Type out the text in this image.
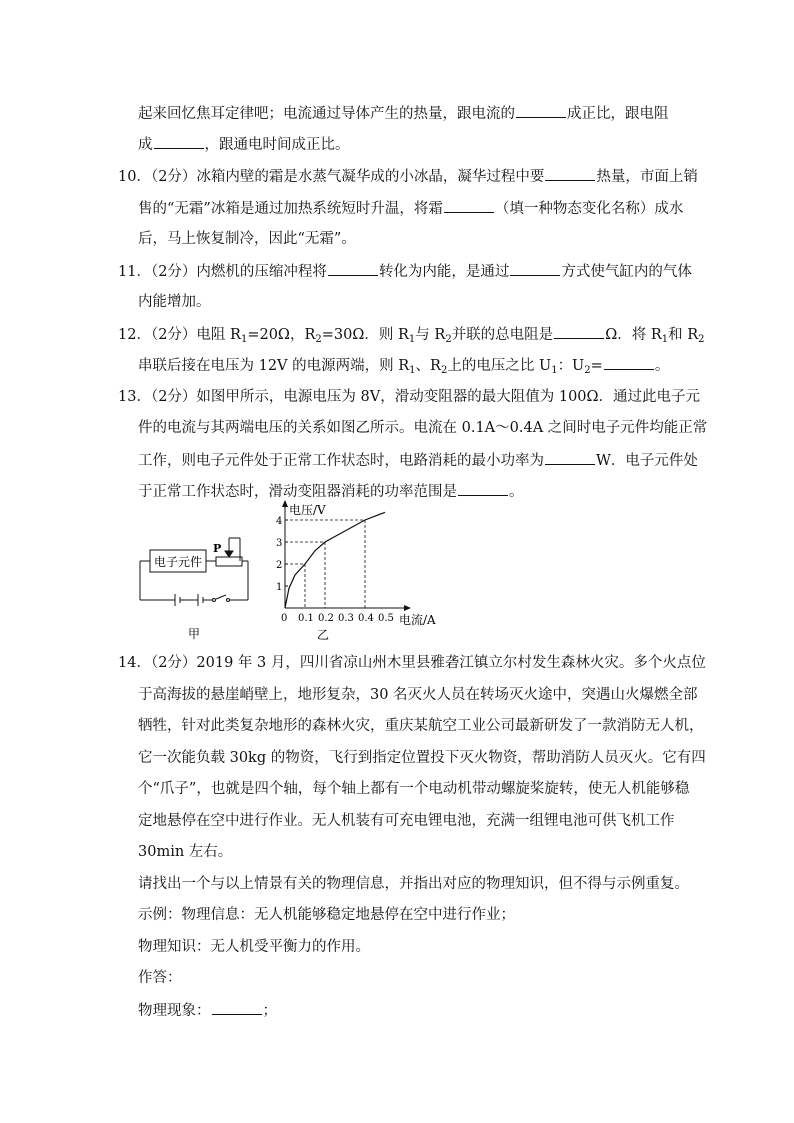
起来回忆焦耳定律吧；电流通过导体产生的热量，跟电流的	成正比，跟电阻
成	，跟通电时间成正比。
10．（2分）冰箱内壁的霜是水蒸气凝华成的小冰晶，凝华过程中要	热量，市面上销
售的“无霜”冰箱是通过加热系统短时升温，将霜	（填一种物态变化名称）成水
后，马上恢复制冷，因此“无霜”。
11．（2分）内燃机的压缩冲程将	转化为内能，是通过	方式使气缸内的气体
内能增加。
12．（2分）电阻 $R_1=20\Omega$，$R_2=30\Omega$．则 $R_1$与 $R_2$并联的总电阻是	Ω．将 $R_1$和 $R_2$
串联后接在电压为 12V 的电源两端，则 $R_1$、$R_2$上的电压之比 $U_1$：$U_2=$	。
13．（2分）如图甲所示，电源电压为 8V，滑动变阻器的最大阻值为 100Ω．通过此电子元
件的电流与其两端电压的关系如图乙所示。电流在 0.1A～0.4A 之间时电子元件均能正常
工作，则电子元件处于正常工作状态时，电路消耗的最小功率为	W．电子元件处
于正常工作状态时，滑动变阻器消耗的功率范围是	。
电子元件
P
甲
电压/V
电流/A
0 0.1 0.2 0.3 0.4 0.5
1
2
3
4
乙
14．（2分）2019 年 3 月，四川省凉山州木里县雅砻江镇立尔村发生森林火灾。多个火点位
于高海拔的悬崖峭壁上，地形复杂，30 名灭火人员在转场灭火途中，突遇山火爆燃全部
牺牲，针对此类复杂地形的森林火灾，重庆某航空工业公司最新研发了一款消防无人机，
它一次能负载 30kg 的物资，飞行到指定位置投下灭火物资，帮助消防人员灭火。它有四
个“爪子”，也就是四个轴，每个轴上都有一个电动机带动螺旋桨旋转，使无人机能够稳
定地悬停在空中进行作业。无人机装有可充电锂电池，充满一组锂电池可供飞机工作
30min 左右。
请找出一个与以上情景有关的物理信息，并指出对应的物理知识，但不得与示例重复。
示例：物理信息：无人机能够稳定地悬停在空中进行作业；
物理知识：无人机受平衡力的作用。
作答：
物理现象：	；
